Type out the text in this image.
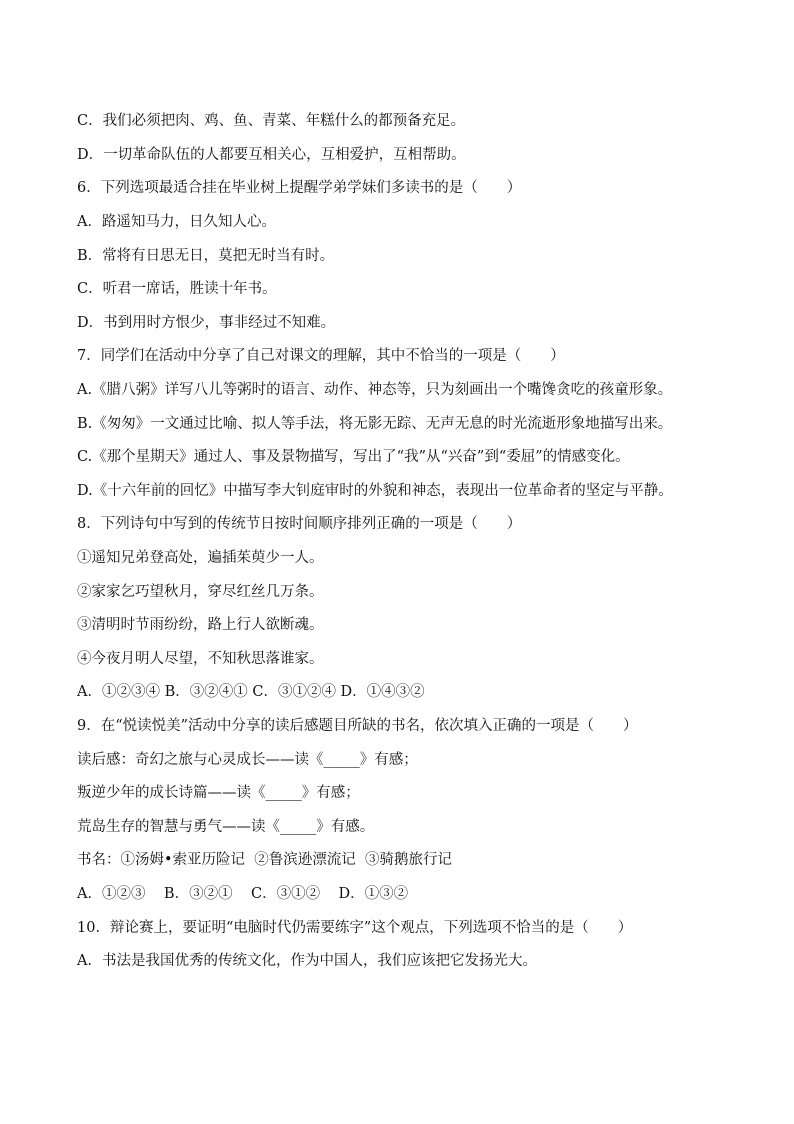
C．我们必须把肉、鸡、鱼、青菜、年糕什么的都预备充足。
D．一切革命队伍的人都要互相关心，互相爱护，互相帮助。
6．下列选项最适合挂在毕业树上提醒学弟学妹们多读书的是（　　）
A．路遥知马力，日久知人心。
B．常将有日思无日，莫把无时当有时。
C．听君一席话，胜读十年书。
D．书到用时方恨少，事非经过不知难。
7．同学们在活动中分享了自己对课文的理解，其中不恰当的一项是（　　）
A.《腊八粥》详写八儿等粥时的语言、动作、神态等，只为刻画出一个嘴馋贪吃的孩童形象。
B.《匆匆》一文通过比喻、拟人等手法，将无影无踪、无声无息的时光流逝形象地描写出来。
C.《那个星期天》通过人、事及景物描写，写出了“我”从“兴奋”到“委屈”的情感变化。
D.《十六年前的回忆》中描写李大钊庭审时的外貌和神态，表现出一位革命者的坚定与平静。
8．下列诗句中写到的传统节日按时间顺序排列正确的一项是（　　）
①遥知兄弟登高处，遍插茱萸少一人。
②家家乞巧望秋月，穿尽红丝几万条。
③清明时节雨纷纷，路上行人欲断魂。
④今夜月明人尽望，不知秋思落谁家。
A．①②③④ B．③②④① C．③①②④ D．①④③②
9．在“悦读悦美”活动中分享的读后感题目所缺的书名，依次填入正确的一项是（　　）
读后感：奇幻之旅与心灵成长——读《_____》有感；
叛逆少年的成长诗篇——读《_____》有感；
荒岛生存的智慧与勇气——读《_____》有感。
书名：①汤姆•索亚历险记  ②鲁滨逊漂流记  ③骑鹅旅行记
A．①②③    B．③②①    C．③①②    D．①③②
10．辩论赛上，要证明“电脑时代仍需要练字”这个观点，下列选项不恰当的是（　　）
A．书法是我国优秀的传统文化，作为中国人，我们应该把它发扬光大。
